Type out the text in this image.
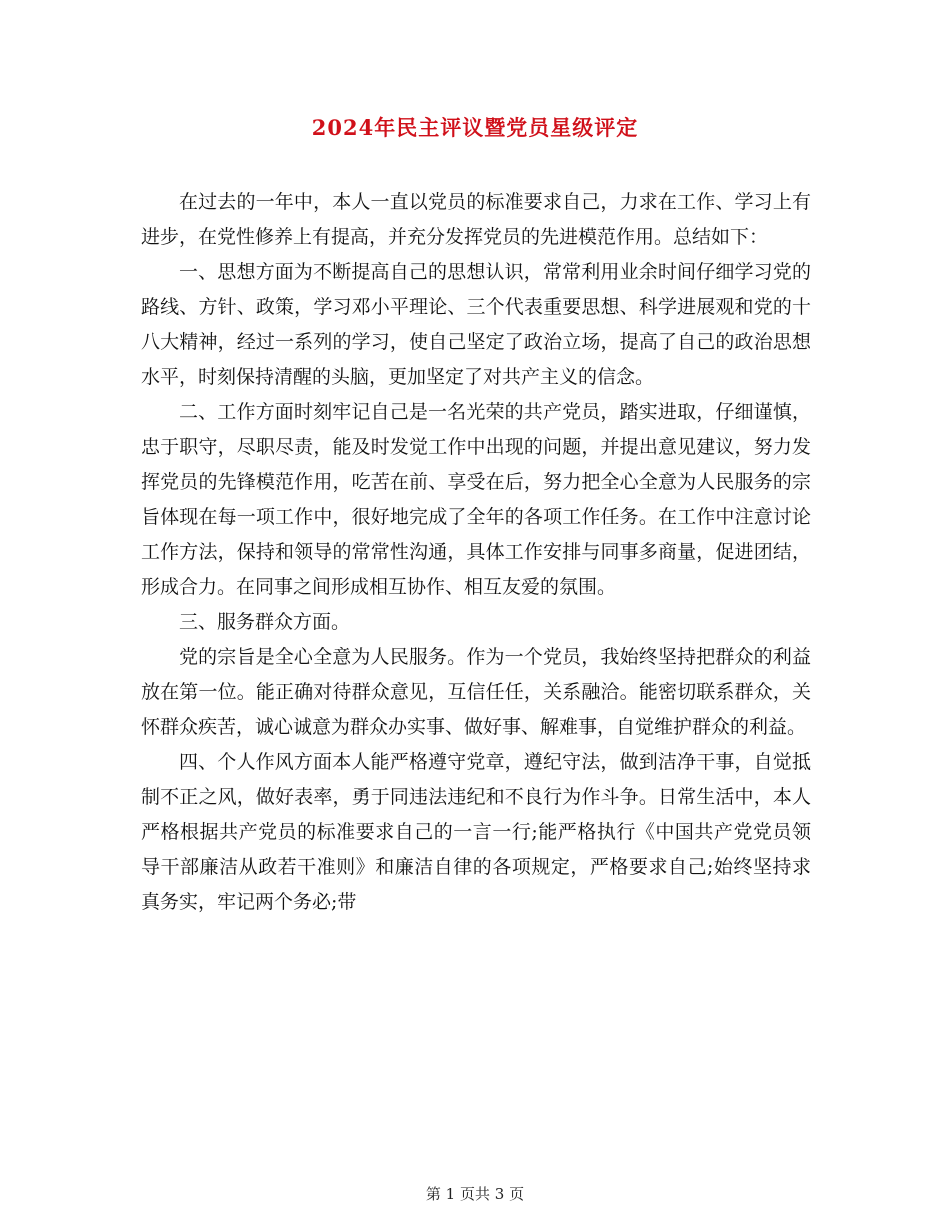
2024年民主评议暨党员星级评定

在过去的一年中，本人一直以党员的标准要求自己，力求在工作、学习上有进步，在党性修养上有提高，并充分发挥党员的先进模范作用。总结如下：

一、思想方面为不断提高自己的思想认识，常常利用业余时间仔细学习党的路线、方针、政策，学习邓小平理论、三个代表重要思想、科学进展观和党的十八大精神，经过一系列的学习，使自己坚定了政治立场，提高了自己的政治思想水平，时刻保持清醒的头脑，更加坚定了对共产主义的信念。

二、工作方面时刻牢记自己是一名光荣的共产党员，踏实进取，仔细谨慎，忠于职守，尽职尽责，能及时发觉工作中出现的问题，并提出意见建议，努力发挥党员的先锋模范作用，吃苦在前、享受在后，努力把全心全意为人民服务的宗旨体现在每一项工作中，很好地完成了全年的各项工作任务。在工作中注意讨论工作方法，保持和领导的常常性沟通，具体工作安排与同事多商量，促进团结，形成合力。在同事之间形成相互协作、相互友爱的氛围。

三、服务群众方面。

党的宗旨是全心全意为人民服务。作为一个党员，我始终坚持把群众的利益放在第一位。能正确对待群众意见，互信任任，关系融洽。能密切联系群众，关怀群众疾苦，诚心诚意为群众办实事、做好事、解难事，自觉维护群众的利益。

四、个人作风方面本人能严格遵守党章，遵纪守法，做到洁净干事，自觉抵制不正之风，做好表率，勇于同违法违纪和不良行为作斗争。日常生活中，本人严格根据共产党员的标准要求自己的一言一行;能严格执行《中国共产党党员领导干部廉洁从政若干准则》和廉洁自律的各项规定，严格要求自己;始终坚持求真务实，牢记两个务必;带

第 1 页共 3 页
